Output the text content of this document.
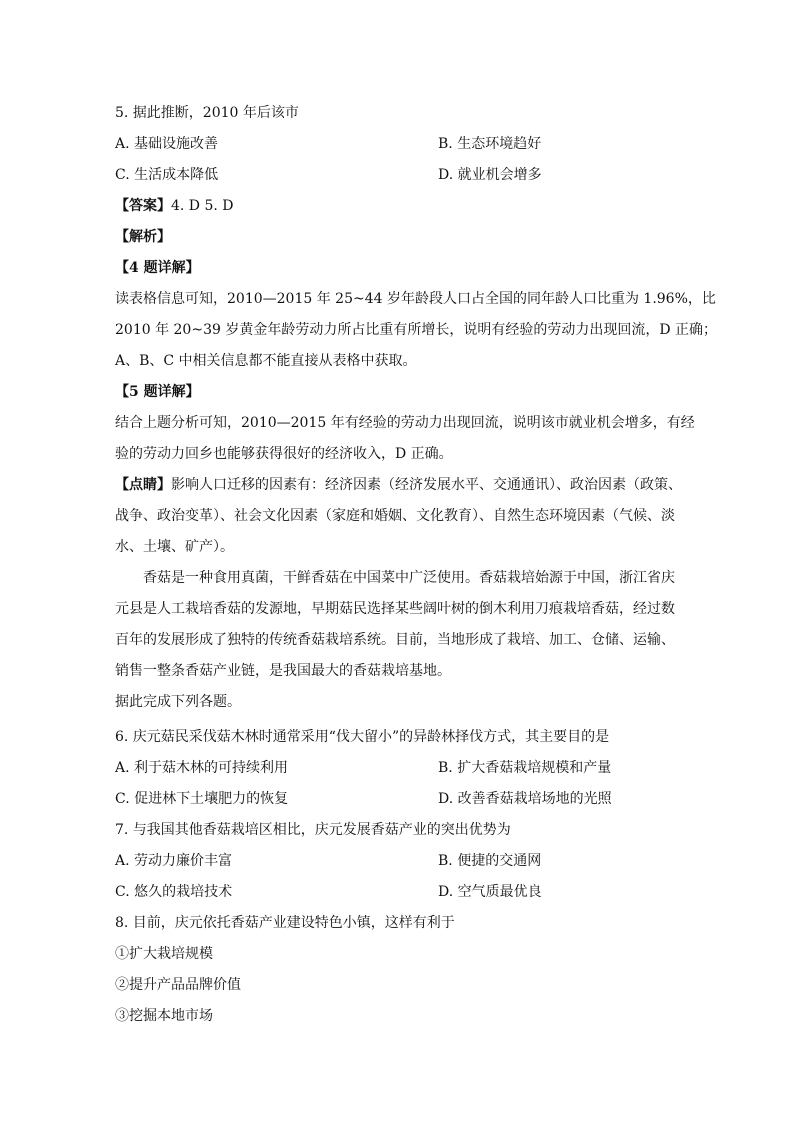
5. 据此推断，2010 年后该市
A. 基础设施改善	B. 生态环境趋好
C. 生活成本降低	D. 就业机会增多
【答案】4. D 5. D
【解析】
【4 题详解】
读表格信息可知，2010—2015 年 25~44 岁年龄段人口占全国的同年龄人口比重为 1.96%，比
2010 年 20~39 岁黄金年龄劳动力所占比重有所增长，说明有经验的劳动力出现回流，D 正确；
A、B、C 中相关信息都不能直接从表格中获取。
【5 题详解】
结合上题分析可知，2010—2015 年有经验的劳动力出现回流，说明该市就业机会增多，有经
验的劳动力回乡也能够获得很好的经济收入，D 正确。
【点睛】影响人口迁移的因素有：经济因素（经济发展水平、交通通讯）、政治因素（政策、
战争、政治变革）、社会文化因素（家庭和婚姻、文化教育）、自然生态环境因素（气候、淡
水、土壤、矿产）。
香菇是一种食用真菌，干鲜香菇在中国菜中广泛使用。香菇栽培始源于中国，浙江省庆
元县是人工栽培香菇的发源地，早期菇民选择某些阔叶树的倒木利用刀痕栽培香菇，经过数
百年的发展形成了独特的传统香菇栽培系统。目前，当地形成了栽培、加工、仓储、运输、
销售一整条香菇产业链，是我国最大的香菇栽培基地。
据此完成下列各题。
6. 庆元菇民采伐菇木林时通常采用“伐大留小”的异龄林择伐方式，其主要目的是
A. 利于菇木林的可持续利用	B. 扩大香菇栽培规模和产量
C. 促进林下土壤肥力的恢复	D. 改善香菇栽培场地的光照
7. 与我国其他香菇栽培区相比，庆元发展香菇产业的突出优势为
A. 劳动力廉价丰富	B. 便捷的交通网
C. 悠久的栽培技术	D. 空气质最优良
8. 目前，庆元依托香菇产业建设特色小镇，这样有利于
①扩大栽培规模
②提升产品品牌价值
③挖掘本地市场
